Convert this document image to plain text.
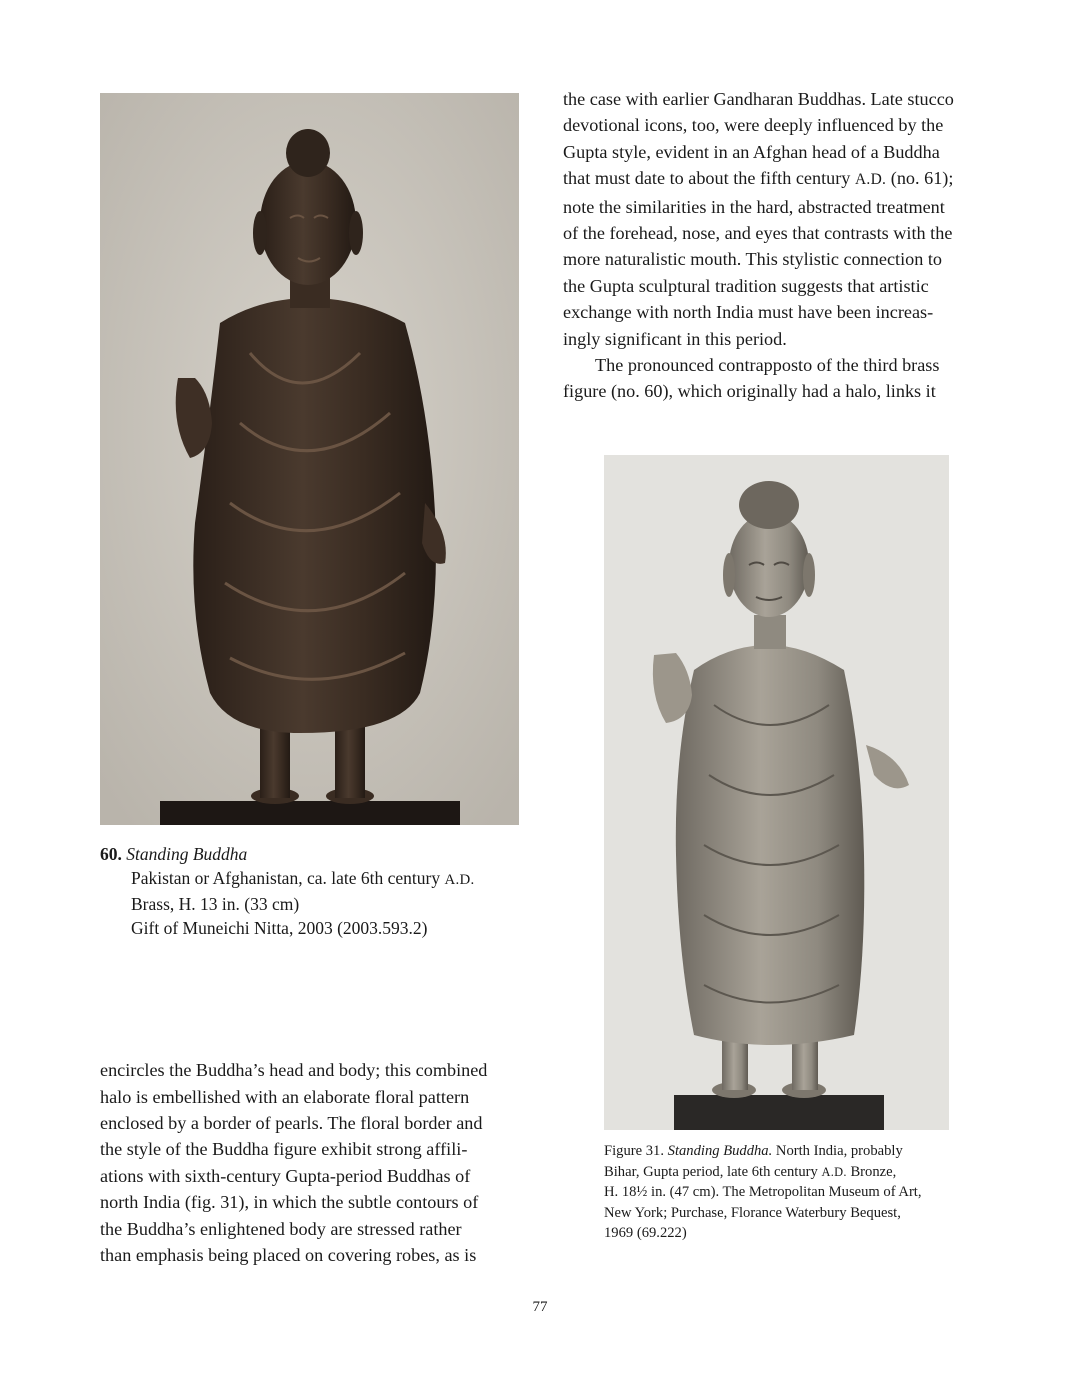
the case with earlier Gandharan Buddhas. Late stucco
devotional icons, too, were deeply influenced by the
Gupta style, evident in an Afghan head of a Buddha
that must date to about the fifth century A.D. (no. 61);
note the similarities in the hard, abstracted treatment
of the forehead, nose, and eyes that contrasts with the
more naturalistic mouth. This stylistic connection to
the Gupta sculptural tradition suggests that artistic
exchange with north India must have been increas-
ingly significant in this period.

The pronounced contrapposto of the third brass
figure (no. 60), which originally had a halo, links it

60. Standing Buddha

Pakistan or Afghanistan, ca. late 6th century A.D.

Brass, H. 13 in. (33 cm)

Gift of Muneichi Nitta, 2003 (2003.593.2)

encircles the Buddha’s head and body; this combined
halo is embellished with an elaborate floral pattern
enclosed by a border of pearls. The floral border and
the style of the Buddha figure exhibit strong affili-
ations with sixth-century Gupta-period Buddhas of
north India (fig. 31), in which the subtle contours of
the Buddha’s enlightened body are stressed rather
than emphasis being placed on covering robes, as is

Figure 31. Standing Buddha. North India, probably
Bihar, Gupta period, late 6th century A.D. Bronze,
H. 18½ in. (47 cm). The Metropolitan Museum of Art,
New York; Purchase, Florance Waterbury Bequest,
1969 (69.222)
77
